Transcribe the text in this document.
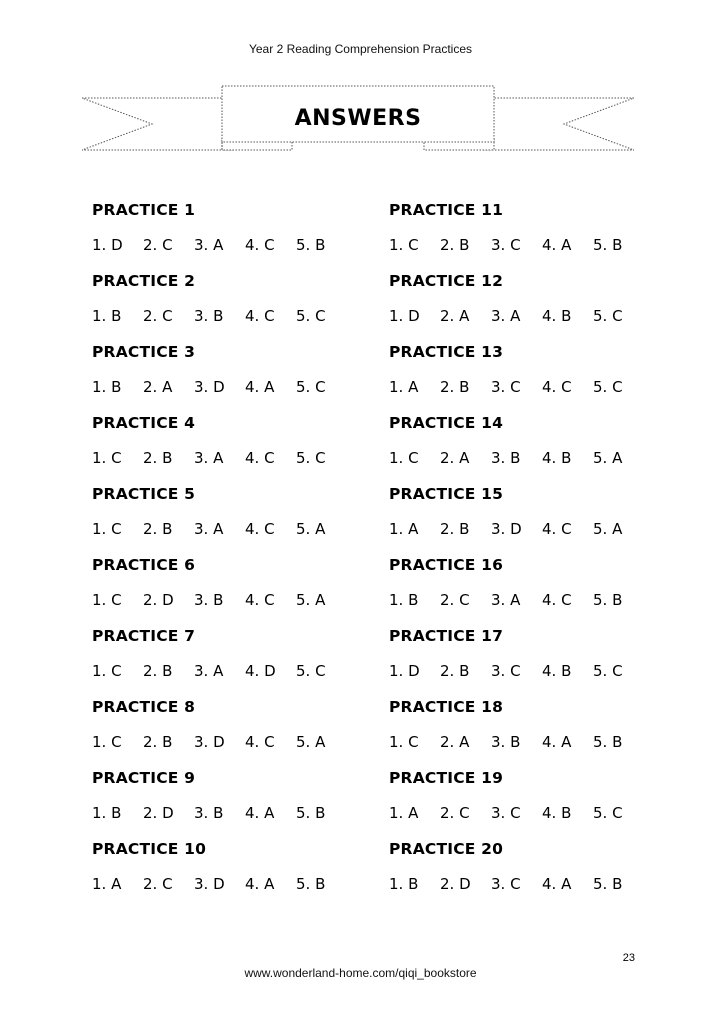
Year 2 Reading Comprehension Practices
ANSWERS
PRACTICE 1
1. D	2. C	3. A	4. C	5. B
PRACTICE 2
1. B	2. C	3. B	4. C	5. C
PRACTICE 3
1. B	2. A	3. D	4. A	5. C
PRACTICE 4
1. C	2. B	3. A	4. C	5. C
PRACTICE 5
1. C	2. B	3. A	4. C	5. A
PRACTICE 6
1. C	2. D	3. B	4. C	5. A
PRACTICE 7
1. C	2. B	3. A	4. D	5. C
PRACTICE 8
1. C	2. B	3. D	4. C	5. A
PRACTICE 9
1. B	2. D	3. B	4. A	5. B
PRACTICE 10
1. A	2. C	3. D	4. A	5. B
PRACTICE 11
1. C	2. B	3. C	4. A	5. B
PRACTICE 12
1. D	2. A	3. A	4. B	5. C
PRACTICE 13
1. A	2. B	3. C	4. C	5. C
PRACTICE 14
1. C	2. A	3. B	4. B	5. A
PRACTICE 15
1. A	2. B	3. D	4. C	5. A
PRACTICE 16
1. B	2. C	3. A	4. C	5. B
PRACTICE 17
1. D	2. B	3. C	4. B	5. C
PRACTICE 18
1. C	2. A	3. B	4. A	5. B
PRACTICE 19
1. A	2. C	3. C	4. B	5. C
PRACTICE 20
1. B	2. D	3. C	4. A	5. B
23
www.wonderland-home.com/qiqi_bookstore
